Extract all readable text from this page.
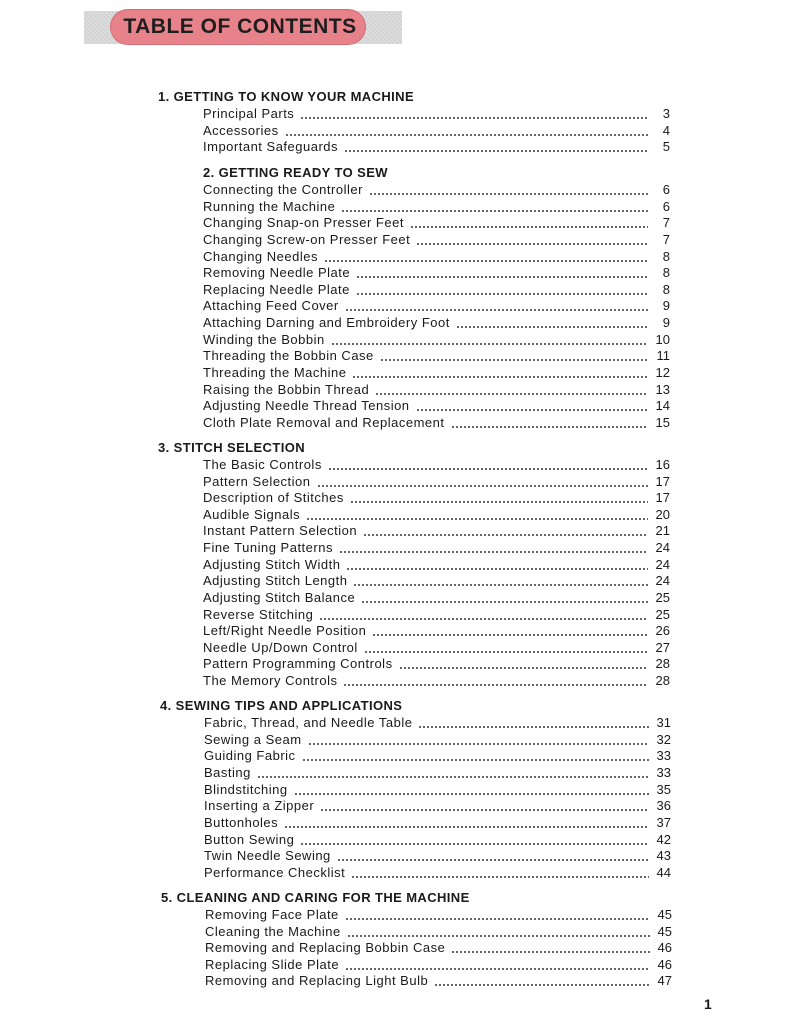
TABLE OF CONTENTS
1. GETTING TO KNOW YOUR MACHINE
Principal Parts	3
Accessories	4
Important Safeguards	5
2. GETTING READY TO SEW
Connecting the Controller	6
Running the Machine	6
Changing Snap-on Presser Feet	7
Changing Screw-on Presser Feet	7
Changing Needles	8
Removing Needle Plate	8
Replacing Needle Plate	8
Attaching Feed Cover	9
Attaching Darning and Embroidery Foot	9
Winding the Bobbin	10
Threading the Bobbin Case	11
Threading the Machine	12
Raising the Bobbin Thread	13
Adjusting Needle Thread Tension	14
Cloth Plate Removal and Replacement	15
3. STITCH SELECTION
The Basic Controls	16
Pattern Selection	17
Description of Stitches	17
Audible Signals	20
Instant Pattern Selection	21
Fine Tuning Patterns	24
Adjusting Stitch Width	24
Adjusting Stitch Length	24
Adjusting Stitch Balance	25
Reverse Stitching	25
Left/Right Needle Position	26
Needle Up/Down Control	27
Pattern Programming Controls	28
The Memory Controls	28
4. SEWING TIPS AND APPLICATIONS
Fabric, Thread, and Needle Table	31
Sewing a Seam	32
Guiding Fabric	33
Basting	33
Blindstitching	35
Inserting a Zipper	36
Buttonholes	37
Button Sewing	42
Twin Needle Sewing	43
Performance Checklist	44
5. CLEANING AND CARING FOR THE MACHINE
Removing Face Plate	45
Cleaning the Machine	45
Removing and Replacing Bobbin Case	46
Replacing Slide Plate	46
Removing and Replacing Light Bulb	47
1
